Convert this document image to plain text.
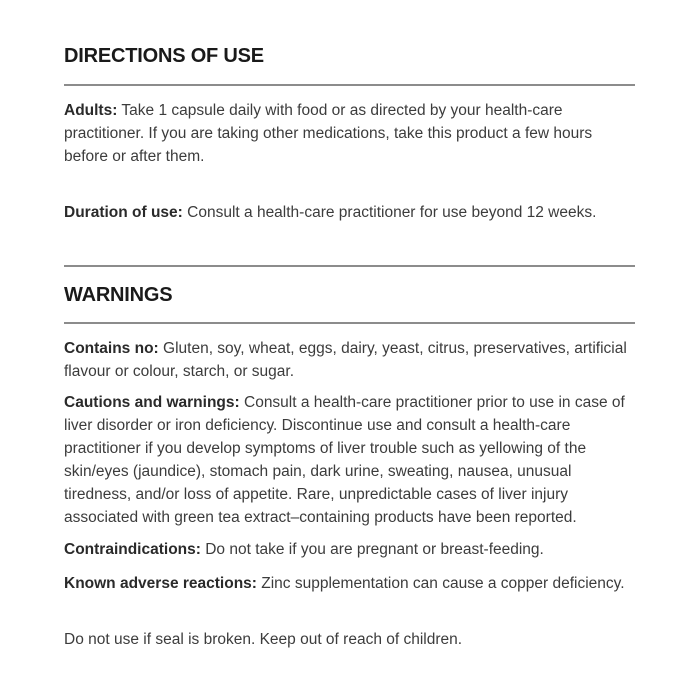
DIRECTIONS OF USE

Adults: Take 1 capsule daily with food or as directed by your health-care practitioner. If you are taking other medications, take this product a few hours before or after them.

Duration of use: Consult a health-care practitioner for use beyond 12 weeks.

WARNINGS

Contains no: Gluten, soy, wheat, eggs, dairy, yeast, citrus, preservatives, artificial flavour or colour, starch, or sugar.

Cautions and warnings: Consult a health-care practitioner prior to use in case of liver disorder or iron deficiency. Discontinue use and consult a health-care practitioner if you develop symptoms of liver trouble such as yellowing of the skin/eyes (jaundice), stomach pain, dark urine, sweating, nausea, unusual tiredness, and/or loss of appetite. Rare, unpredictable cases of liver injury associated with green tea extract–containing products have been reported.

Contraindications: Do not take if you are pregnant or breast-feeding.

Known adverse reactions: Zinc supplementation can cause a copper deficiency.

Do not use if seal is broken. Keep out of reach of children.
